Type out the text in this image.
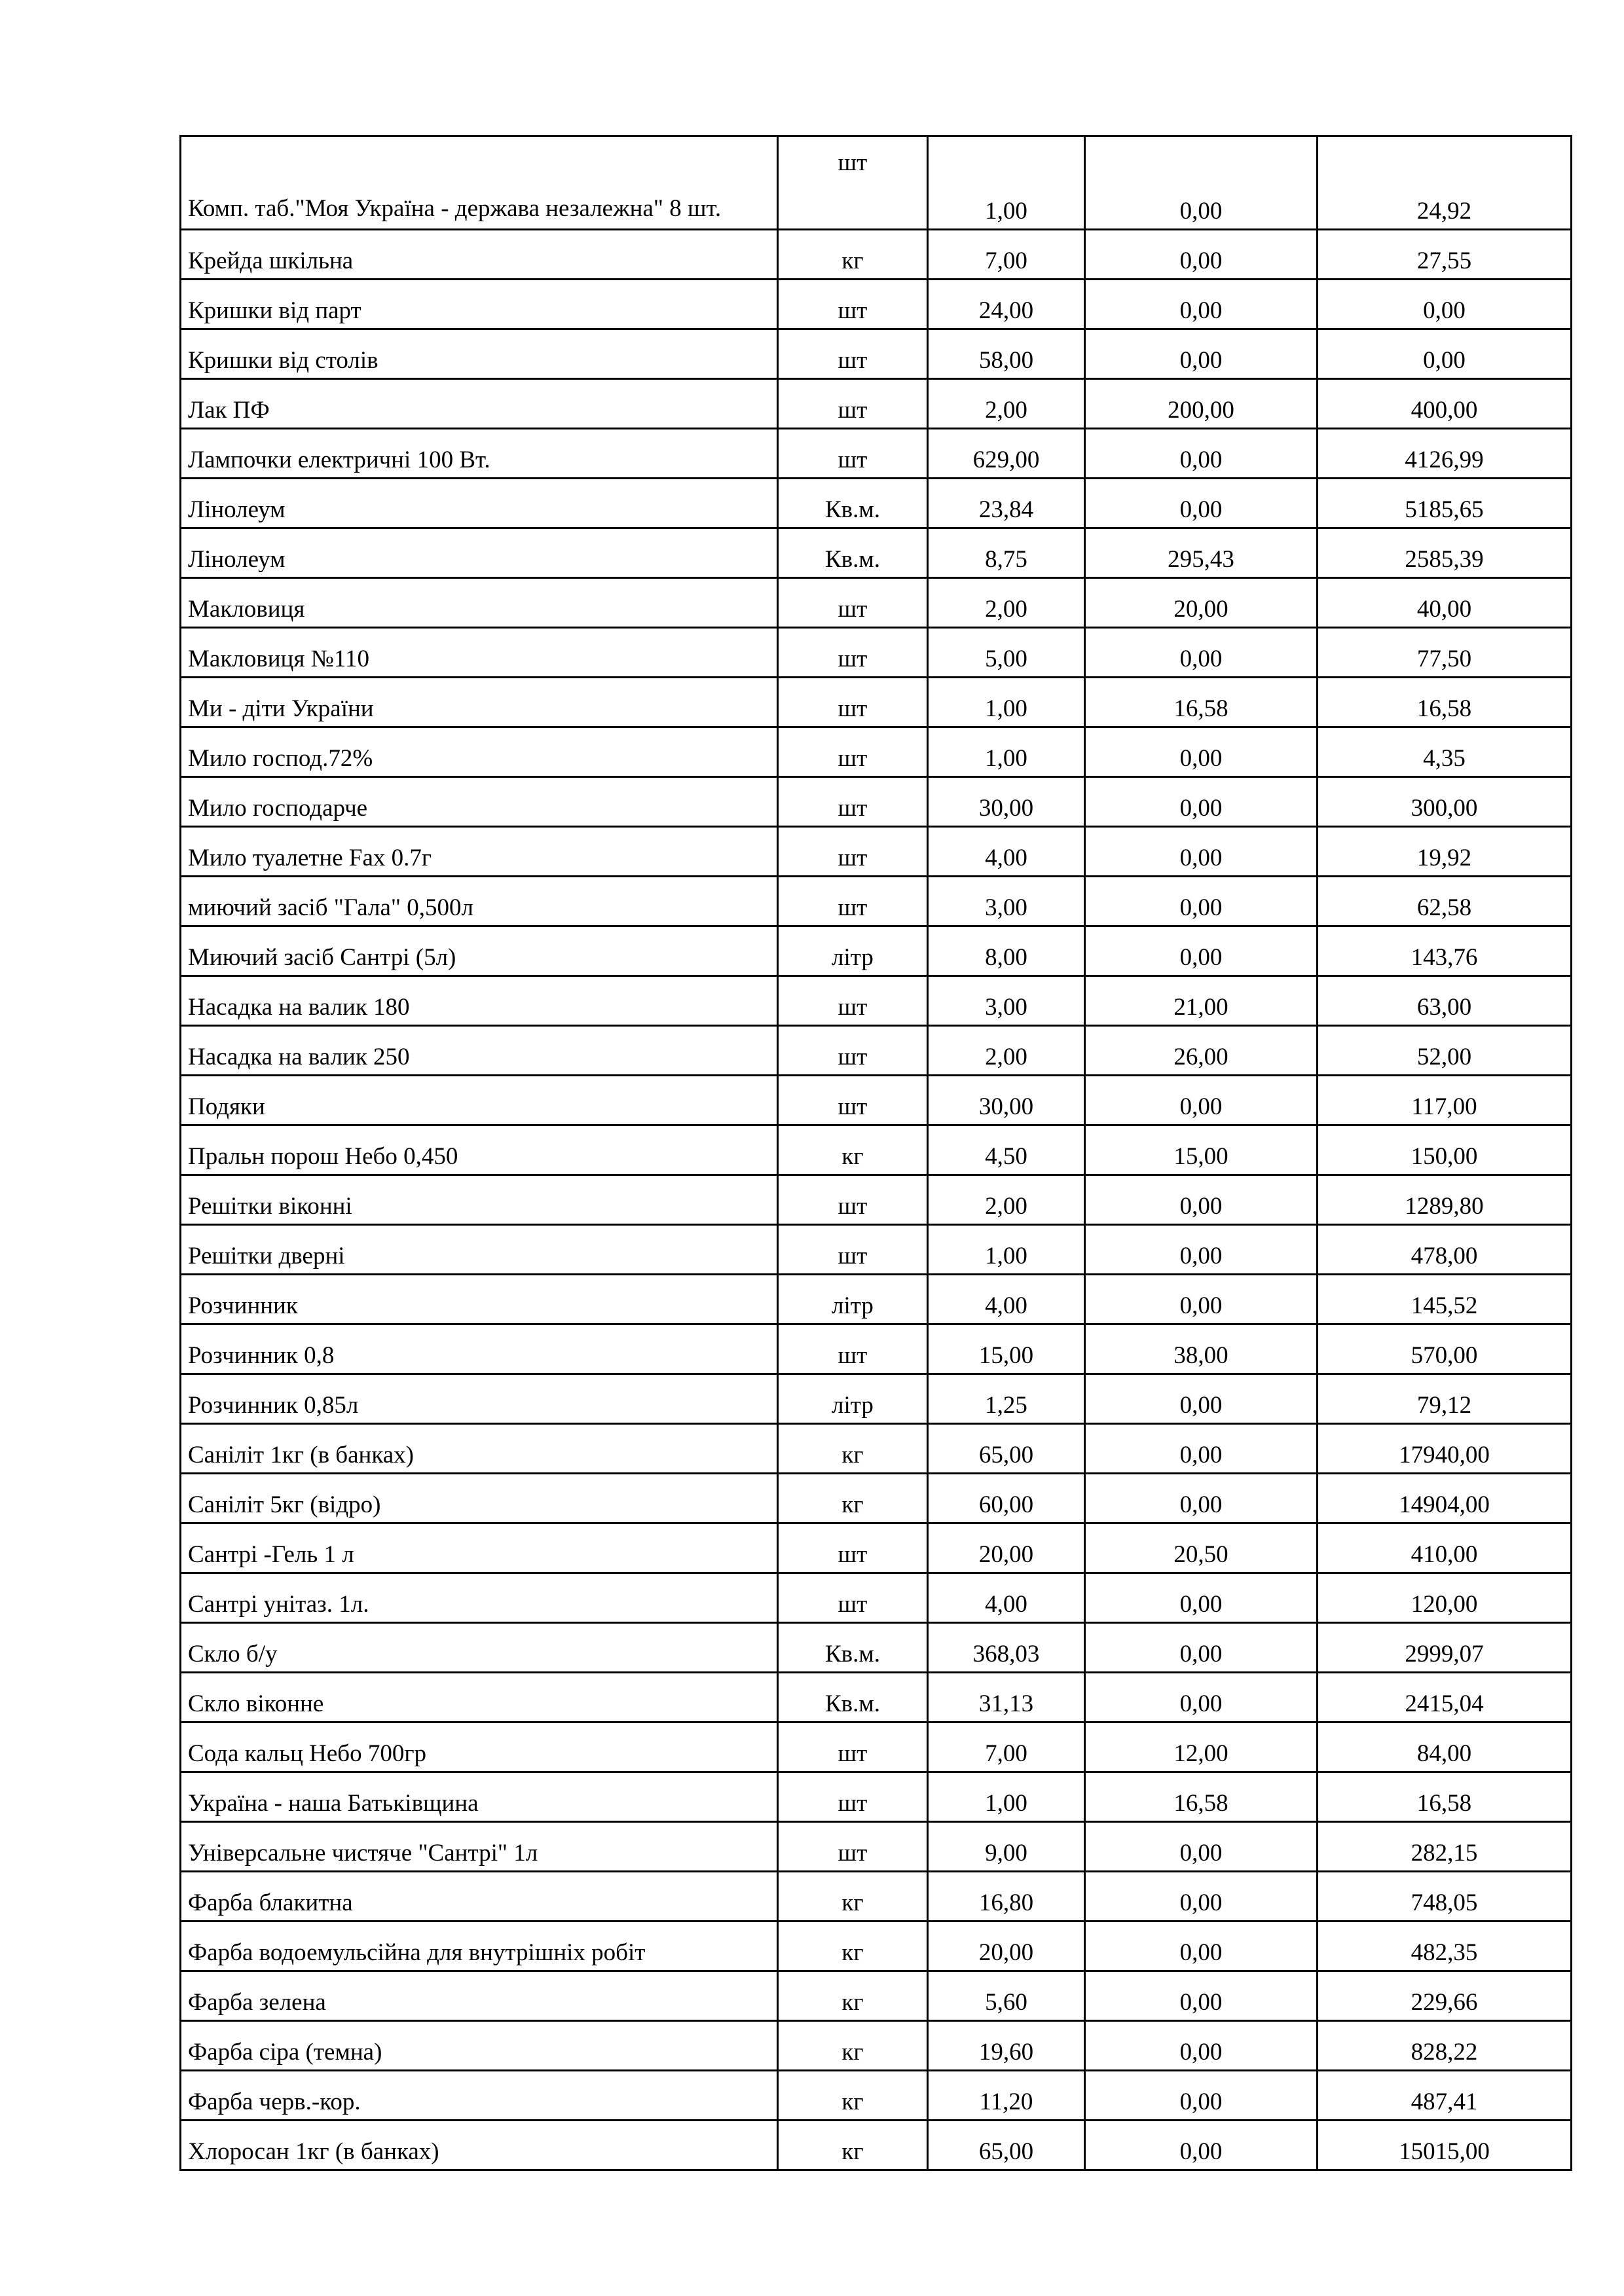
Комп. таб."Моя Україна - держава незалежна" 8 шт.	шт	1,00	0,00	24,92
Крейда шкільна	кг	7,00	0,00	27,55
Кришки від парт	шт	24,00	0,00	0,00
Кришки від столів	шт	58,00	0,00	0,00
Лак ПФ	шт	2,00	200,00	400,00
Лампочки електричні 100 Вт.	шт	629,00	0,00	4126,99
Лінолеум	Кв.м.	23,84	0,00	5185,65
Лінолеум	Кв.м.	8,75	295,43	2585,39
Макловиця	шт	2,00	20,00	40,00
Макловиця №110	шт	5,00	0,00	77,50
Ми - діти України	шт	1,00	16,58	16,58
Мило господ.72%	шт	1,00	0,00	4,35
Мило господарче	шт	30,00	0,00	300,00
Мило туалетне Fax 0.7г	шт	4,00	0,00	19,92
миючий засіб "Гала" 0,500л	шт	3,00	0,00	62,58
Миючий засіб Сантрі (5л)	літр	8,00	0,00	143,76
Насадка на валик 180	шт	3,00	21,00	63,00
Насадка на валик 250	шт	2,00	26,00	52,00
Подяки	шт	30,00	0,00	117,00
Пральн порош Небо 0,450	кг	4,50	15,00	150,00
Решітки віконні	шт	2,00	0,00	1289,80
Решітки дверні	шт	1,00	0,00	478,00
Розчинник	літр	4,00	0,00	145,52
Розчинник 0,8	шт	15,00	38,00	570,00
Розчинник 0,85л	літр	1,25	0,00	79,12
Саніліт 1кг (в банках)	кг	65,00	0,00	17940,00
Саніліт 5кг (відро)	кг	60,00	0,00	14904,00
Сантрі -Гель 1 л	шт	20,00	20,50	410,00
Сантрі унітаз. 1л.	шт	4,00	0,00	120,00
Скло б/у	Кв.м.	368,03	0,00	2999,07
Скло віконне	Кв.м.	31,13	0,00	2415,04
Сода кальц Небо 700гр	шт	7,00	12,00	84,00
Україна - наша Батьківщина	шт	1,00	16,58	16,58
Універсальне чистяче "Сантрі" 1л	шт	9,00	0,00	282,15
Фарба блакитна	кг	16,80	0,00	748,05
Фарба водоемульсійна для внутрішніх робіт	кг	20,00	0,00	482,35
Фарба зелена	кг	5,60	0,00	229,66
Фарба сіра (темна)	кг	19,60	0,00	828,22
Фарба черв.-кор.	кг	11,20	0,00	487,41
Хлоросан 1кг (в банках)	кг	65,00	0,00	15015,00
